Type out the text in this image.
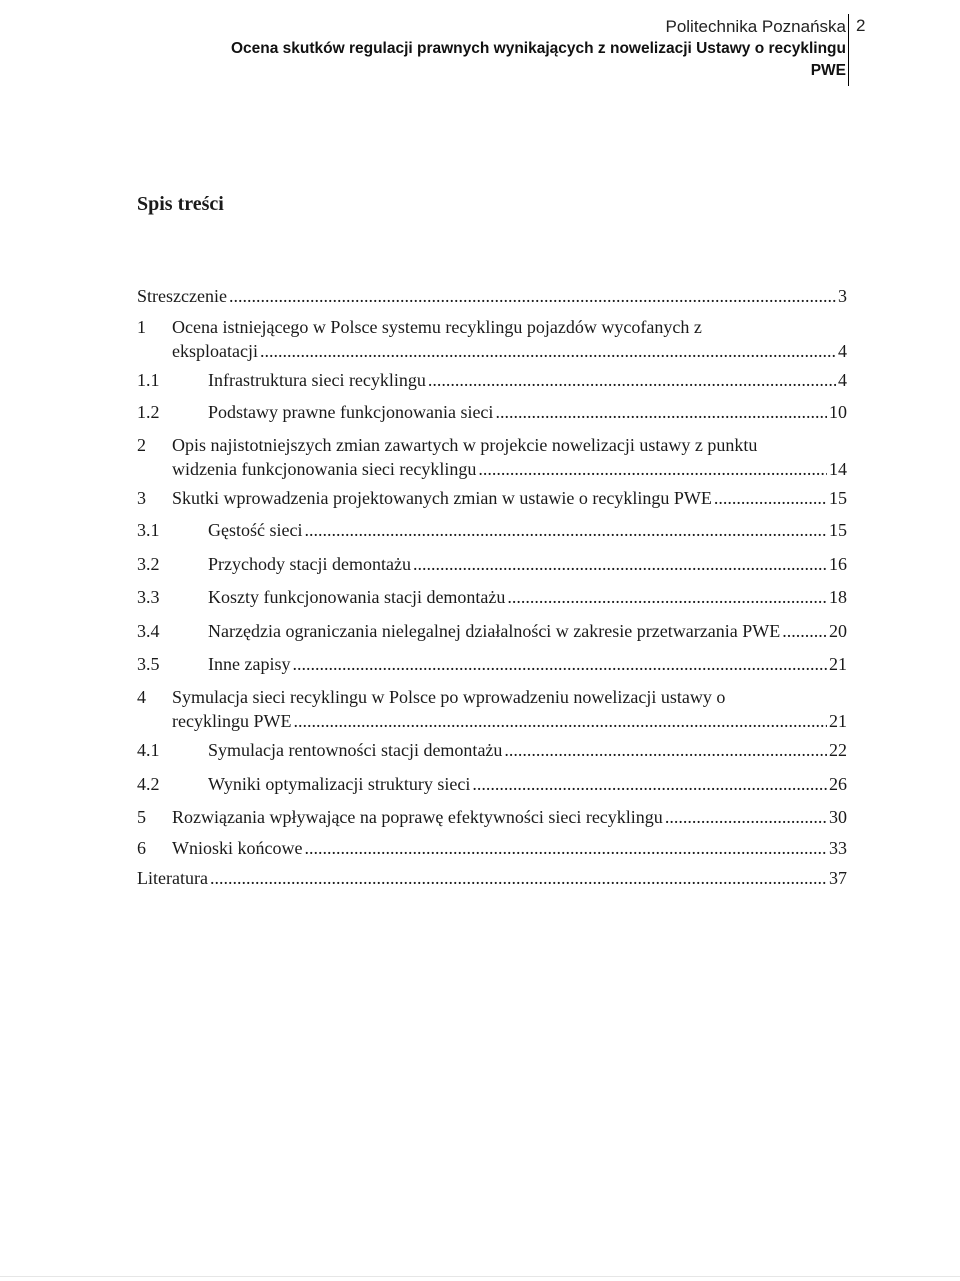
Politechnika Poznańska
Ocena skutków regulacji prawnych wynikających z nowelizacji Ustawy o recyklingu
PWE
2
Spis treści
Streszczenie .....	3
1 Ocena istniejącego w Polsce systemu recyklingu pojazdów wycofanych z
eksploatacji .....	4
1.1	Infrastruktura sieci recyklingu .....	4
1.2	Podstawy prawne funkcjonowania sieci .....	10
2 Opis najistotniejszych zmian zawartych w projekcie nowelizacji ustawy z punktu
widzenia funkcjonowania sieci recyklingu .....	14
3	Skutki wprowadzenia projektowanych zmian w ustawie o recyklingu PWE .....	15
3.1	Gęstość sieci .....	15
3.2	Przychody stacji demontażu .....	16
3.3	Koszty funkcjonowania stacji demontażu .....	18
3.4	Narzędzia ograniczania nielegalnej działalności w zakresie przetwarzania PWE .....	20
3.5	Inne zapisy .....	21
4 Symulacja sieci recyklingu w Polsce po wprowadzeniu nowelizacji ustawy o
recyklingu PWE .....	21
4.1	Symulacja rentowności stacji demontażu .....	22
4.2	Wyniki optymalizacji struktury sieci .....	26
5	Rozwiązania wpływające na poprawę efektywności sieci recyklingu .....	30
6	Wnioski końcowe .....	33
Literatura .....	37
